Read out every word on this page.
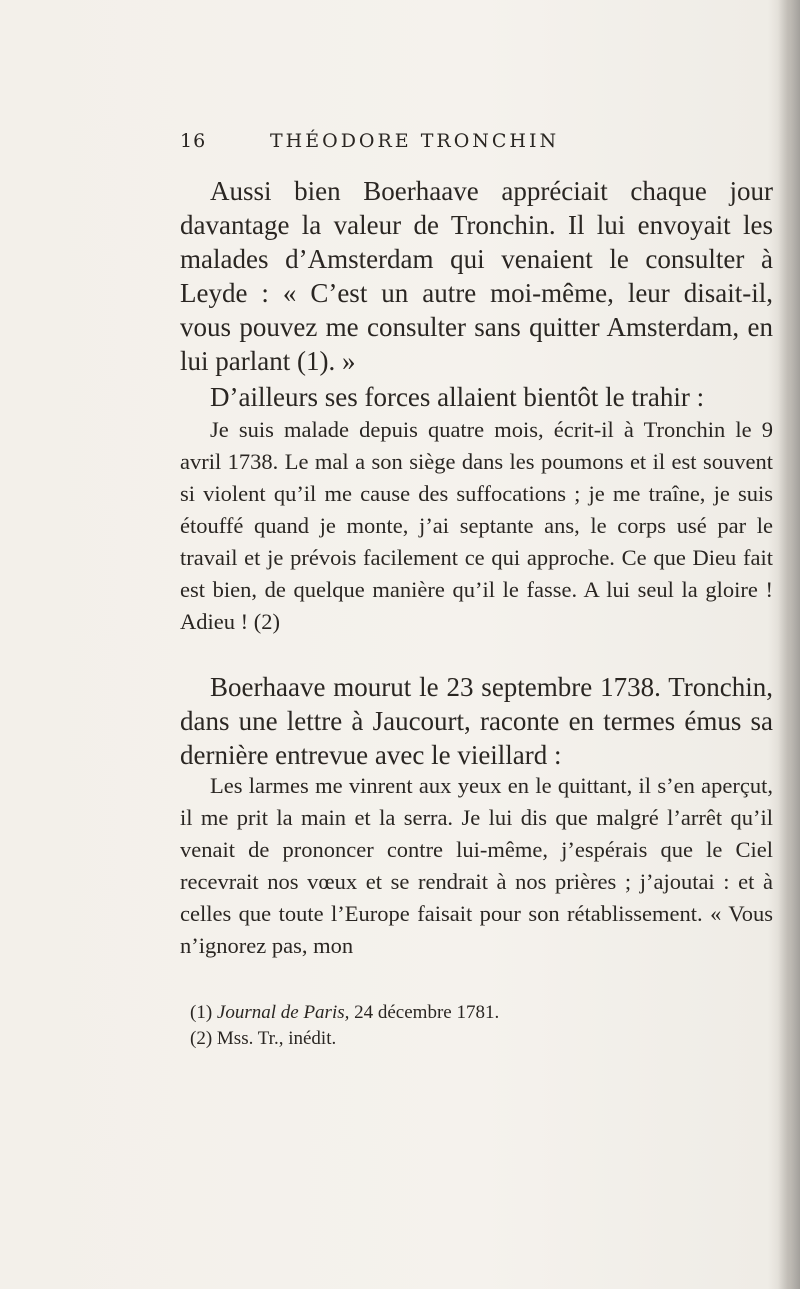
16	THÉODORE TRONCHIN

Aussi bien Boerhaave appréciait chaque jour davantage la valeur de Tronchin. Il lui envoyait les malades d’Amsterdam qui venaient le consulter à Leyde : « C’est un autre moi-même, leur disait-il, vous pouvez me consulter sans quitter Amsterdam, en lui parlant (1). »

D’ailleurs ses forces allaient bientôt le trahir :

Je suis malade depuis quatre mois, écrit-il à Tronchin le 9 avril 1738. Le mal a son siège dans les poumons et il est souvent si violent qu’il me cause des suffocations ; je me traîne, je suis étouffé quand je monte, j’ai septante ans, le corps usé par le travail et je prévois facilement ce qui approche. Ce que Dieu fait est bien, de quelque manière qu’il le fasse. A lui seul la gloire ! Adieu ! (2)

Boerhaave mourut le 23 septembre 1738. Tronchin, dans une lettre à Jaucourt, raconte en termes émus sa dernière entrevue avec le vieillard :

Les larmes me vinrent aux yeux en le quittant, il s’en aperçut, il me prit la main et la serra. Je lui dis que malgré l’arrêt qu’il venait de prononcer contre lui-même, j’espérais que le Ciel recevrait nos vœux et se rendrait à nos prières ; j’ajoutai : et à celles que toute l’Europe faisait pour son rétablissement. « Vous n’ignorez pas, mon

(1) Journal de Paris, 24 décembre 1781.
(2) Mss. Tr., inédit.
